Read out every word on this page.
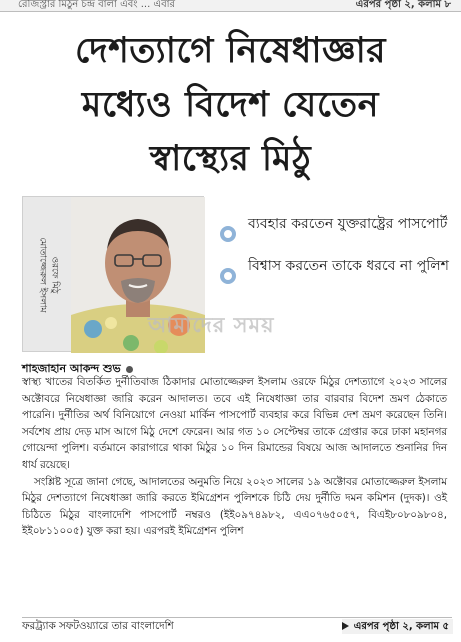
রেজিস্ট্রার মিঠুন চন্দ্র বালা এবং ... এবার	এরপর পৃষ্ঠা ২, কলাম ৮
দেশত্যাগে নিষেধাজ্ঞার
মধ্যেও বিদেশ যেতেন
স্বাস্থ্যের মিঠু
মোতাজ্জেরুল ইসলাম ওরফে মিঠু
ব্যবহার করতেন যুক্তরাষ্ট্রের পাসপোর্ট
বিশ্বাস করতেন তাকে ধরবে না পুলিশ
আমাদের সময়
শাহজাহান আকন্দ শুভ

স্বাস্থ্য খাতের বিতর্কিত দুর্নীতিবাজ ঠিকাদার মোতাজ্জেরুল ইসলাম ওরফে মিঠুর দেশত্যাগে ২০২৩ সালের অক্টোবরে নিষেধাজ্ঞা জারি করেন আদালত। তবে এই নিষেধাজ্ঞা তার বারবার বিদেশ ভ্রমণ ঠেকাতে পারেনি। দুর্নীতির অর্থ বিনিয়োগে নেওয়া মার্কিন পাসপোর্ট ব্যবহার করে বিভিন্ন দেশ ভ্রমণ করেছেন তিনি। সর্বশেষ প্রায় দেড় মাস আগে মিঠু দেশে ফেরেন। আর গত ১০ সেপ্টেম্বর তাকে গ্রেপ্তার করে ঢাকা মহানগর গোয়েন্দা পুলিশ। বর্তমানে কারাগারে থাকা মিঠুর ১০ দিন রিমান্ডের বিষয়ে আজ আদালতে শুনানির দিন ধার্য রয়েছে।

সংশ্লিষ্ট সূত্রে জানা গেছে, আদালতের অনুমতি নিয়ে ২০২৩ সালের ১৯ অক্টোবর মোতাজ্জেরুল ইসলাম মিঠুর দেশত্যাগে নিষেধাজ্ঞা জারি করতে ইমিগ্রেশন পুলিশকে চিঠি দেয় দুর্নীতি দমন কমিশন (দুদক)। ওই চিঠিতে মিঠুর বাংলাদেশি পাসপোর্ট নম্বরও (ইই০৯৭৪৯৮২, এএ০৭৬৫০৫৭, বিএই৮০৮০৯৮০৪, ইই০৮১১০০৫) যুক্ত করা হয়। এরপরই ইমিগ্রেশন পুলিশ

ফরট্র্যাক সফটওয়্যারে তার বাংলাদেশি	এরপর পৃষ্ঠা ২, কলাম ৫
